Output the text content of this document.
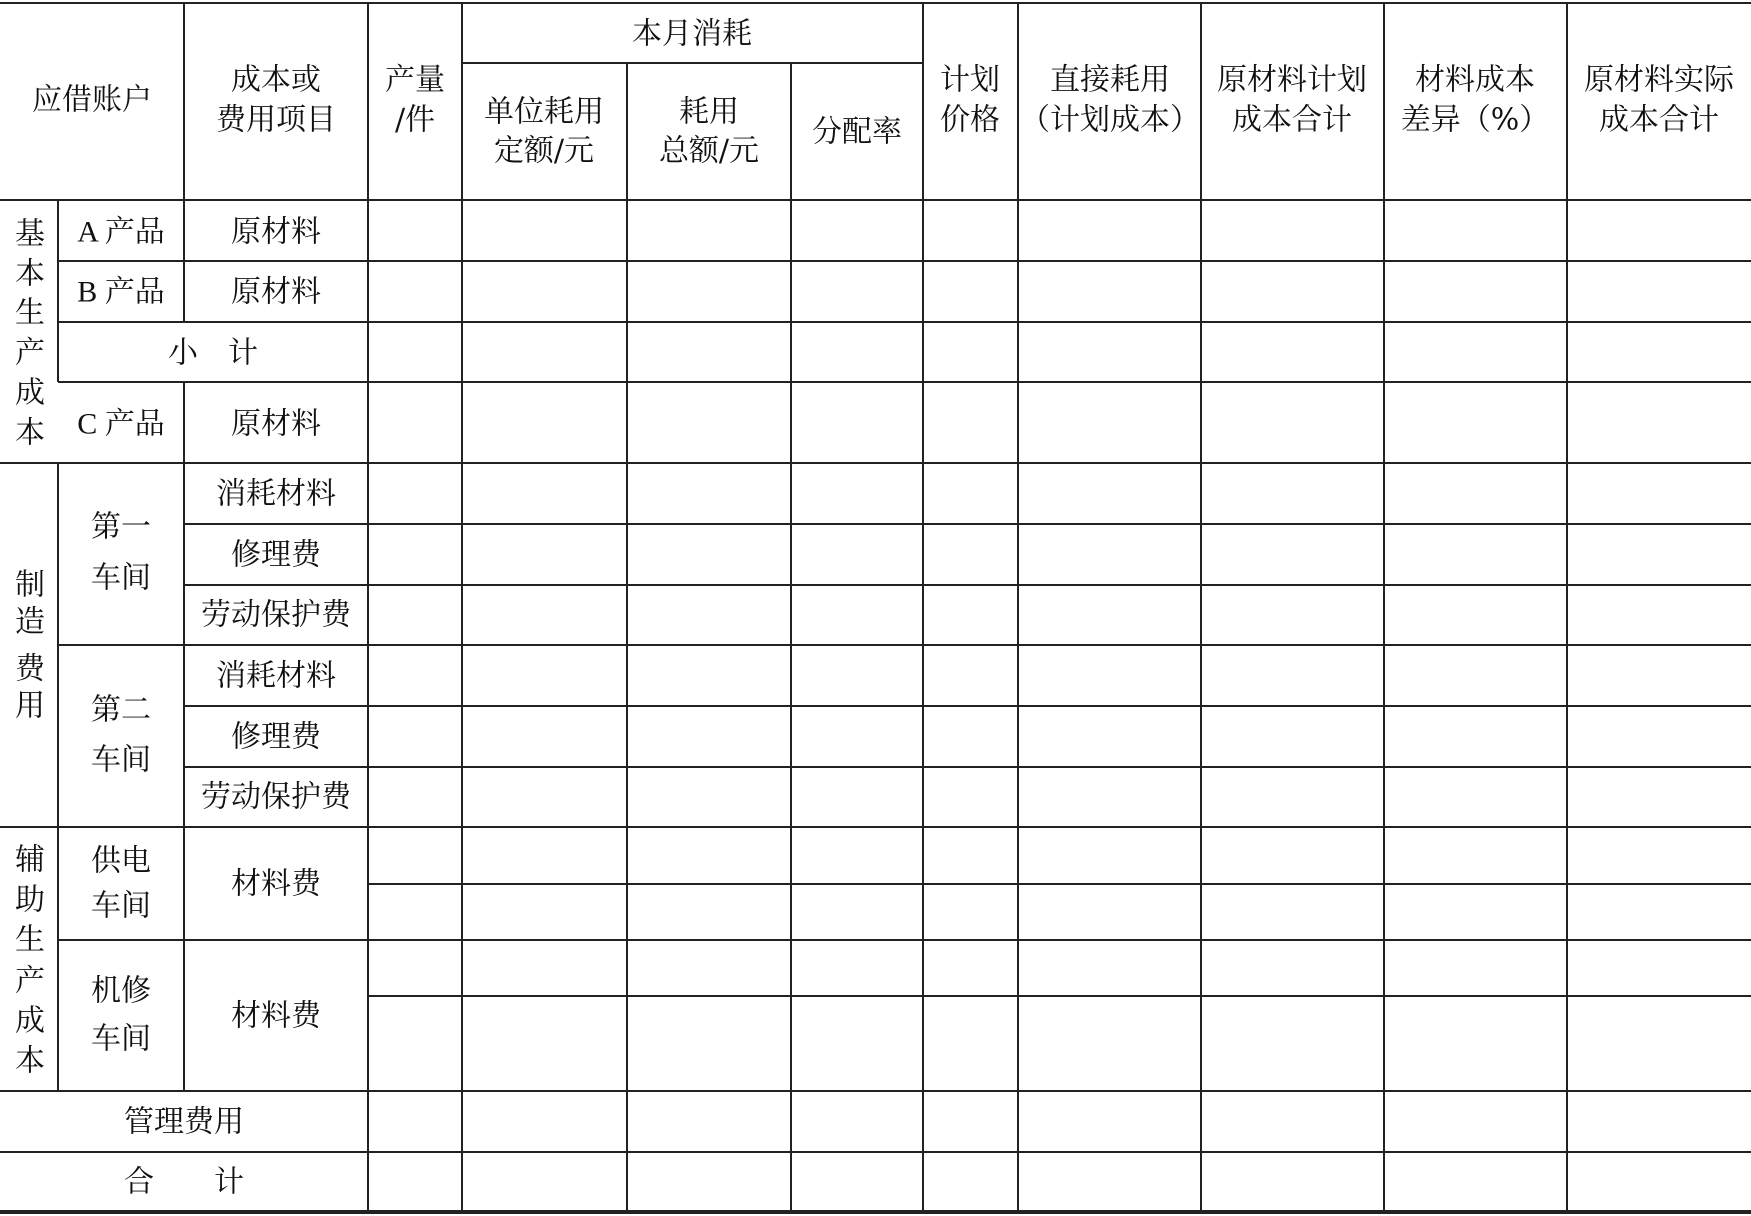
应借账户
成本或
费用项目
产量
/件
本月消耗
单位耗用
定额/元
耗用
总额/元
分配率
计划
价格
直接耗用
（计划成本）
原材料计划
成本合计
材料成本
差异（%）
原材料实际
成本合计
基
本
生
产
成
本
制
造
费
用
辅
助
生
产
成
本
A 产品 原材料
B 产品 原材料
小　计
C 产品 原材料
第一
车间
消耗材料
修理费
劳动保护费
第二
车间
消耗材料
修理费
劳动保护费
供电
车间
材料费
机修
车间
材料费
管理费用
合　　计
